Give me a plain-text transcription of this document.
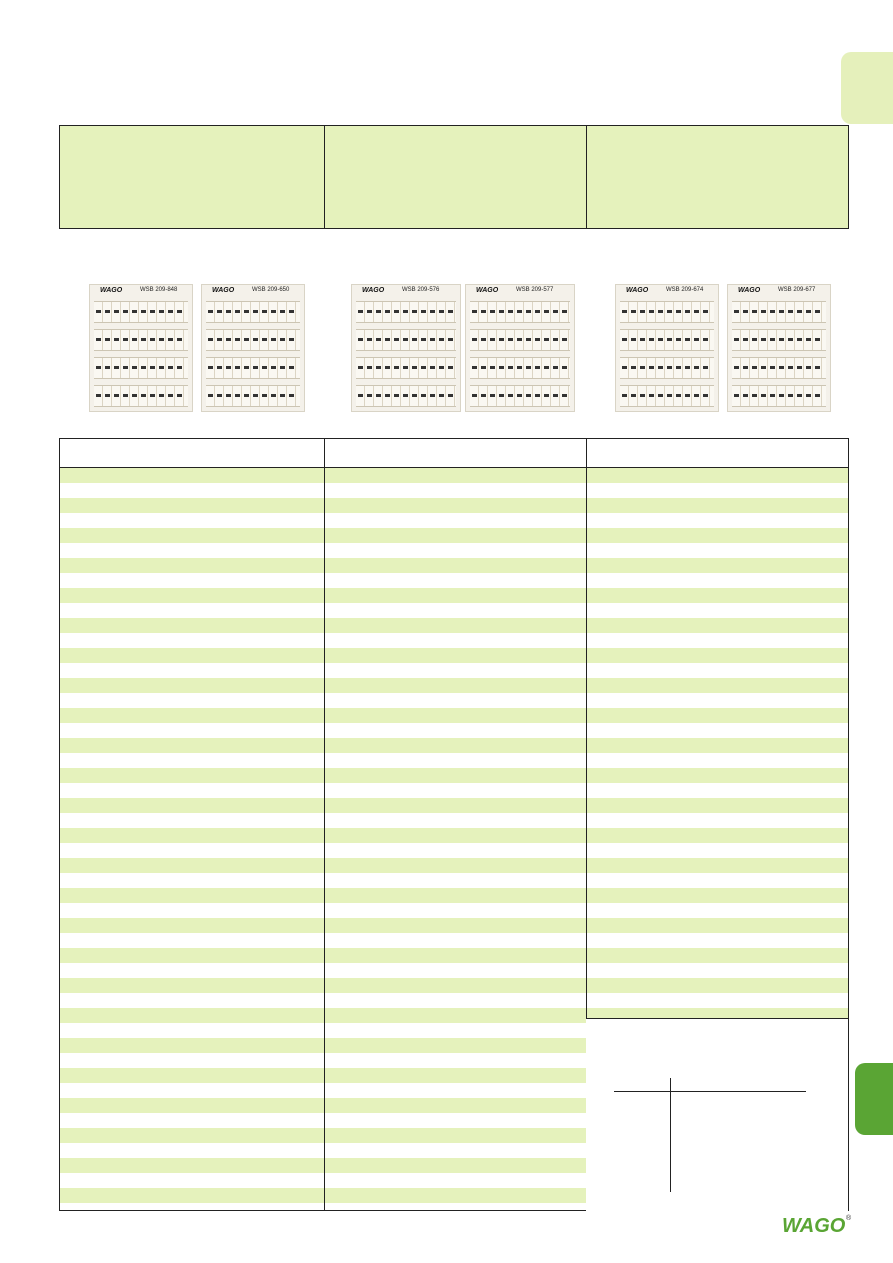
WAGO	WSB 209-848	WAGO	WSB 209-650	WAGO	WSB 209-576	WAGO	WSB 209-577	WAGO	WSB 209-674	WAGO	WSB 209-677
WAGO ®
